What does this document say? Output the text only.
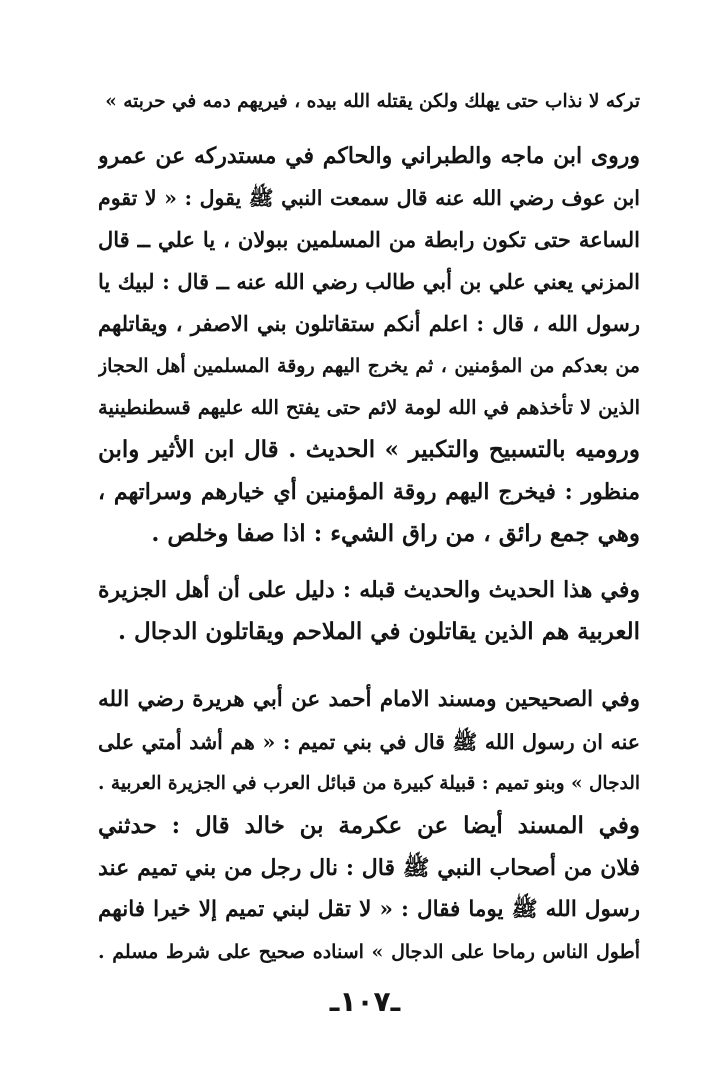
تركه لا نذاب حتى يهلك ولكن يقتله الله بيده ، فيريهم دمه في حربته »
وروى ابن ماجه والطبراني والحاكم في مستدركه عن عمرو
ابن عوف رضي الله عنه قال سمعت النبي ﷺ يقول : « لا تقوم
الساعة حتى تكون رابطة من المسلمين ببولان ، يا علي ــ قال
المزني يعني علي بن أبي طالب رضي الله عنه ــ قال : لبيك يا
رسول الله ، قال : اعلم أنكم ستقاتلون بني الاصفر ، ويقاتلهم
من بعدكم من المؤمنين ، ثم يخرج اليهم روقة المسلمين أهل الحجاز
الذين لا تأخذهم في الله لومة لائم حتى يفتح الله عليهم قسطنطينية
وروميه بالتسبيح والتكبير » الحديث . قال ابن الأثير وابن
منظور : فيخرج اليهم روقة المؤمنين أي خيارهم وسراتهم ،
وهي جمع رائق ، من راق الشيء : اذا صفا وخلص .
وفي هذا الحديث والحديث قبله : دليل على أن أهل الجزيرة
العربية هم الذين يقاتلون في الملاحم ويقاتلون الدجال .
وفي الصحيحين ومسند الامام أحمد عن أبي هريرة رضي الله
عنه ان رسول الله ﷺ قال في بني تميم : « هم أشد أمتي على
الدجال » وبنو تميم : قبيلة كبيرة من قبائل العرب في الجزيرة العربية .
وفي المسند أيضا عن عكرمة بن خالد قال : حدثني
فلان من أصحاب النبي ﷺ قال : نال رجل من بني تميم عند
رسول الله ﷺ يوما فقال : « لا تقل لبني تميم إلا خيرا فانهم
أطول الناس رماحا على الدجال » اسناده صحيح على شرط مسلم .
ـ١٠٧ـ
